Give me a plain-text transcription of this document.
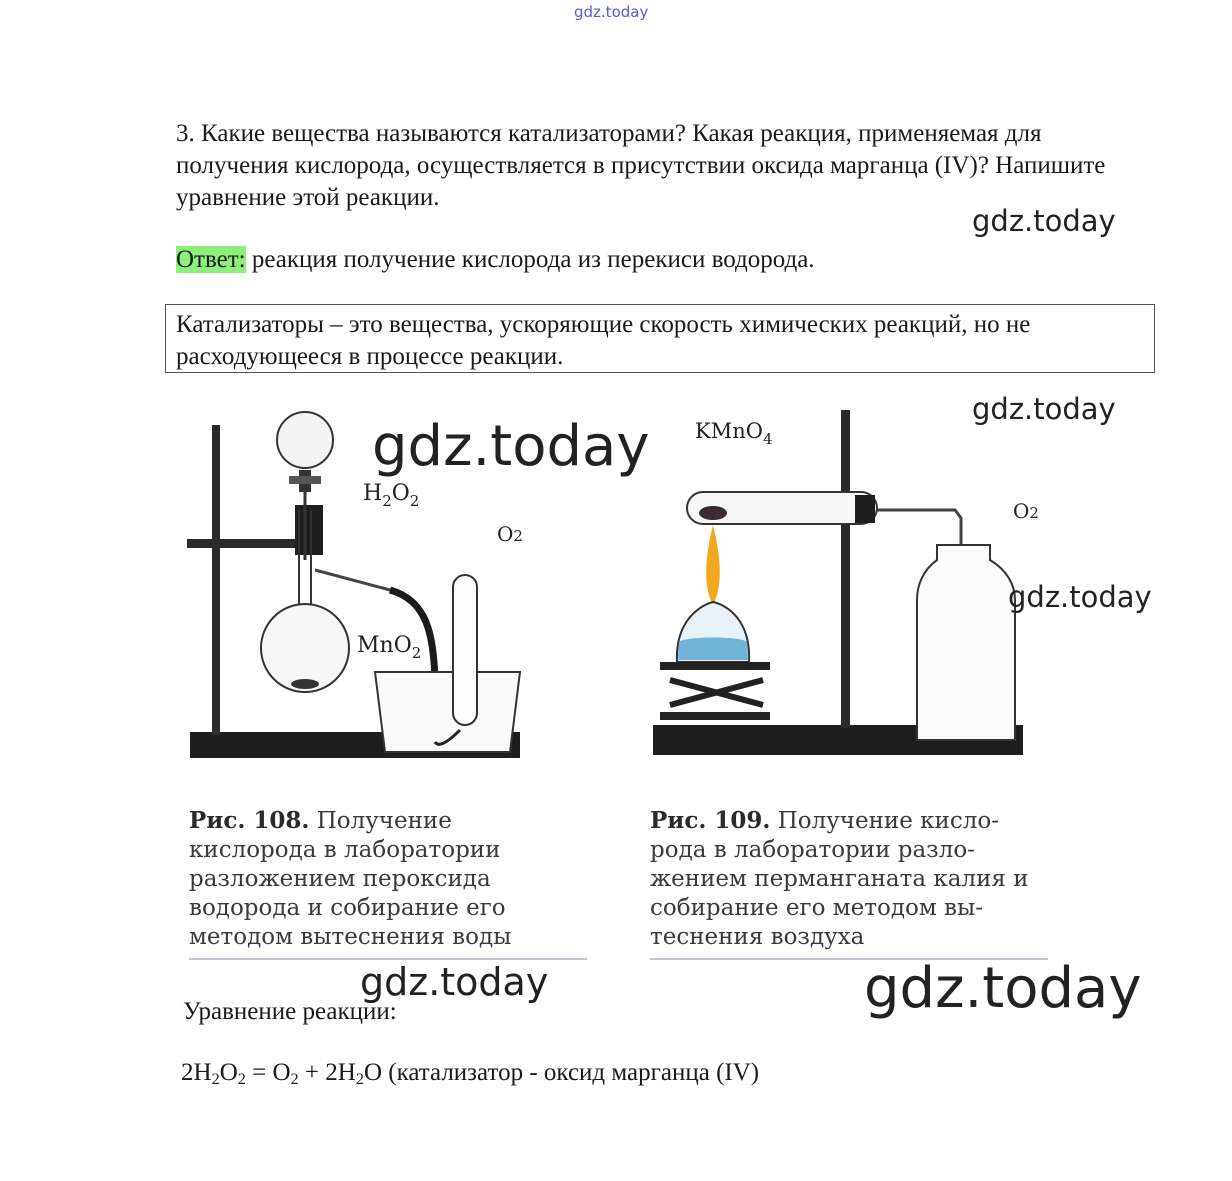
gdz.today

3. Какие вещества называются катализаторами? Какая реакция, применяемая для получения кислорода, осуществляется в присутствии оксида марганца (IV)? Напишите уравнение этой реакции.

gdz.today
Ответ: реакция получение кислорода из перекиси водорода.
Катализаторы – это вещества, ускоряющие скорость химических реакций, но не расходующееся в процессе реакции.
$H_2O_2$
O2
MnO$_2$
gdz.today KMnO$_4$
O2
gdz.today
gdz.today
Рис. 108. Получение кислорода в лаборатории разложением пероксида водорода и собирание его методом вытеснения воды
Рис. 109. Получение кисло-рода в лаборатории разло-жением перманганата калия и собирание его методом вы-теснения воздуха
gdz.today	gdz.today
Уравнение реакции:
$2H_2O_2 = O_2 + 2H_2O$ (катализатор - оксид марганца (IV)
